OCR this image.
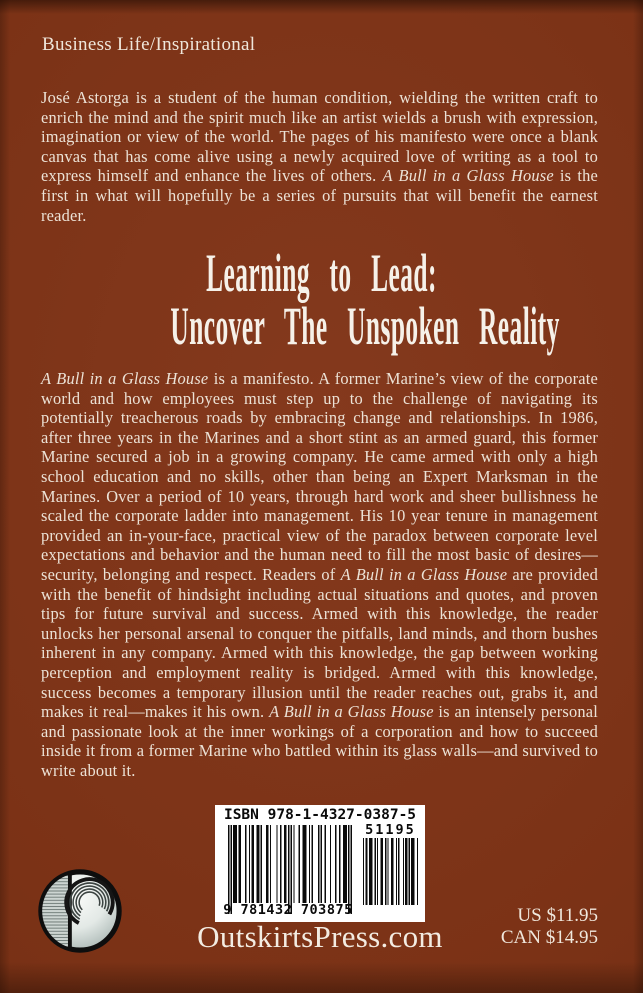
Business Life/Inspirational
José Astorga is a student of the human condition, wielding the written craft to enrich the mind and the spirit much like an artist wields a brush with expression, imagination or view of the world. The pages of his manifesto were once a blank canvas that has come alive using a newly acquired love of writing as a tool to express himself and enhance the lives of others. A Bull in a Glass House is the first in what will hopefully be a series of pursuits that will benefit the earnest reader.
Learning to Lead:
Uncover The Unspoken Reality
A Bull in a Glass House is a manifesto. A former Marine’s view of the corporate world and how employees must step up to the challenge of navigating its potentially treacherous roads by embracing change and relationships. In 1986, after three years in the Marines and a short stint as an armed guard, this former Marine secured a job in a growing company. He came armed with only a high school education and no skills, other than being an Expert Marksman in the Marines. Over a period of 10 years, through hard work and sheer bullishness he scaled the corporate ladder into management. His 10 year tenure in management provided an in-your-face, practical view of the paradox between corporate level expectations and behavior and the human need to fill the most basic of desires—security, belonging and respect. Readers of A Bull in a Glass House are provided with the benefit of hindsight including actual situations and quotes, and proven tips for future survival and success. Armed with this knowledge, the reader unlocks her personal arsenal to conquer the pitfalls, land minds, and thorn bushes inherent in any company. Armed with this knowledge, the gap between working perception and employment reality is bridged. Armed with this knowledge, success becomes a temporary illusion until the reader reaches out, grabs it, and makes it real—makes it his own. A Bull in a Glass House is an intensely personal and passionate look at the inner workings of a corporation and how to succeed inside it from a former Marine who battled within its glass walls—and survived to write about it.
ISBN 978-1-4327-0387-5
51195
9 781432 703875
OutskirtsPress.com
US $11.95
CAN $14.95
